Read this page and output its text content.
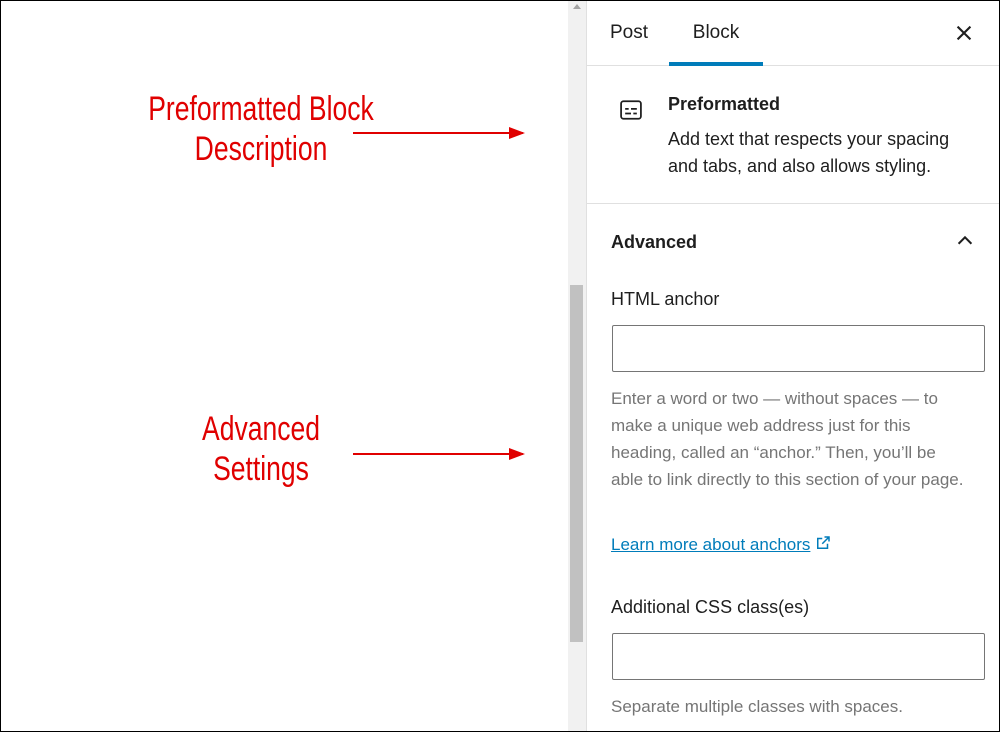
Preformatted Block
Description
Advanced
Settings
Post	Block
Preformatted
Add text that respects your spacing and tabs, and also allows styling.
Advanced
HTML anchor
Enter a word or two — without spaces — to make a unique web address just for this heading, called an “anchor.” Then, you’ll be able to link directly to this section of your page.
Learn more about anchors
Additional CSS class(es)
Separate multiple classes with spaces.
